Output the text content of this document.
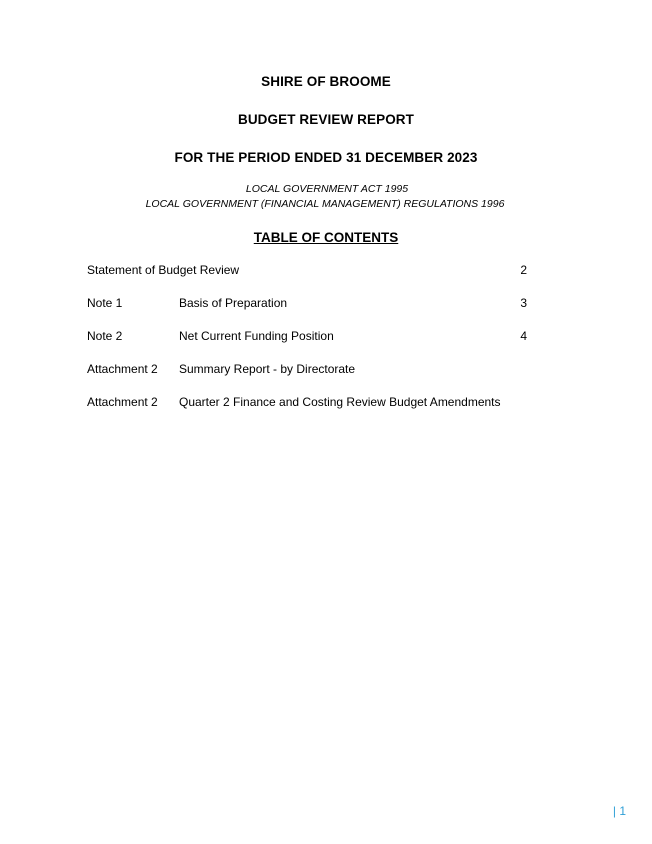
SHIRE OF BROOME
BUDGET REVIEW REPORT
FOR THE PERIOD ENDED 31 DECEMBER 2023
LOCAL GOVERNMENT ACT 1995
LOCAL GOVERNMENT (FINANCIAL MANAGEMENT) REGULATIONS 1996
TABLE OF CONTENTS
Statement of Budget Review	2
Note 1	Basis of Preparation	3
Note 2	Net Current Funding Position	4
Attachment 2 Summary Report - by Directorate
Attachment 2 Quarter 2 Finance and Costing Review Budget Amendments
| 1
